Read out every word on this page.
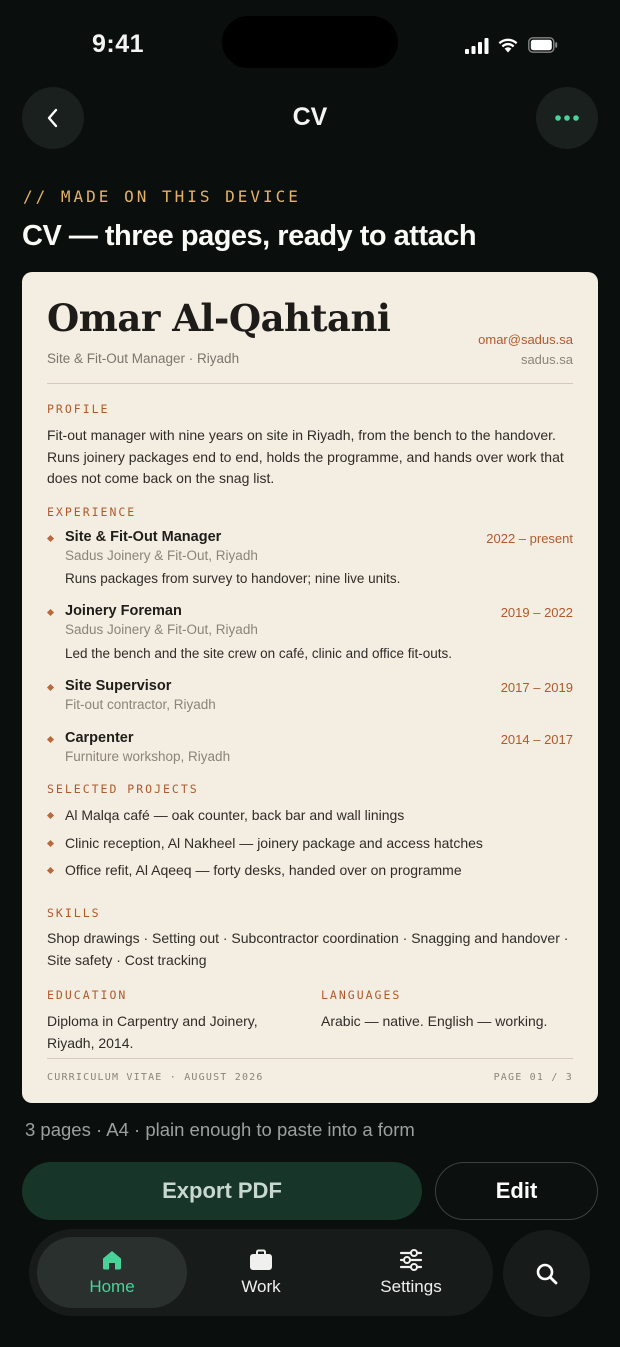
9:41
CV
// MADE ON THIS DEVICE
CV — three pages, ready to attach
Omar Al-Qahtani
Site & Fit-Out Manager · Riyadh
omar@sadus.sa
sadus.sa
PROFILE
Fit-out manager with nine years on site in Riyadh, from the bench to the handover.
Runs joinery packages end to end, holds the programme, and hands over work that
does not come back on the snag list.
EXPERIENCE
Site & Fit-Out Manager	2022 – present
Sadus Joinery & Fit-Out, Riyadh
Runs packages from survey to handover; nine live units.
Joinery Foreman	2019 – 2022
Sadus Joinery & Fit-Out, Riyadh
Led the bench and the site crew on café, clinic and office fit-outs.
Site Supervisor	2017 – 2019
Fit-out contractor, Riyadh
Carpenter	2014 – 2017
Furniture workshop, Riyadh
SELECTED PROJECTS
Al Malqa café — oak counter, back bar and wall linings
Clinic reception, Al Nakheel — joinery package and access hatches
Office refit, Al Aqeeq — forty desks, handed over on programme
SKILLS
Shop drawings · Setting out · Subcontractor coordination · Snagging and handover ·
Site safety · Cost tracking
EDUCATION
Diploma in Carpentry and Joinery,
Riyadh, 2014.
LANGUAGES
Arabic — native. English — working.
CURRICULUM VITAE · AUGUST 2026	PAGE 01 / 3
3 pages · A4 · plain enough to paste into a form
Export PDF	Edit
Home	Work	Settings
